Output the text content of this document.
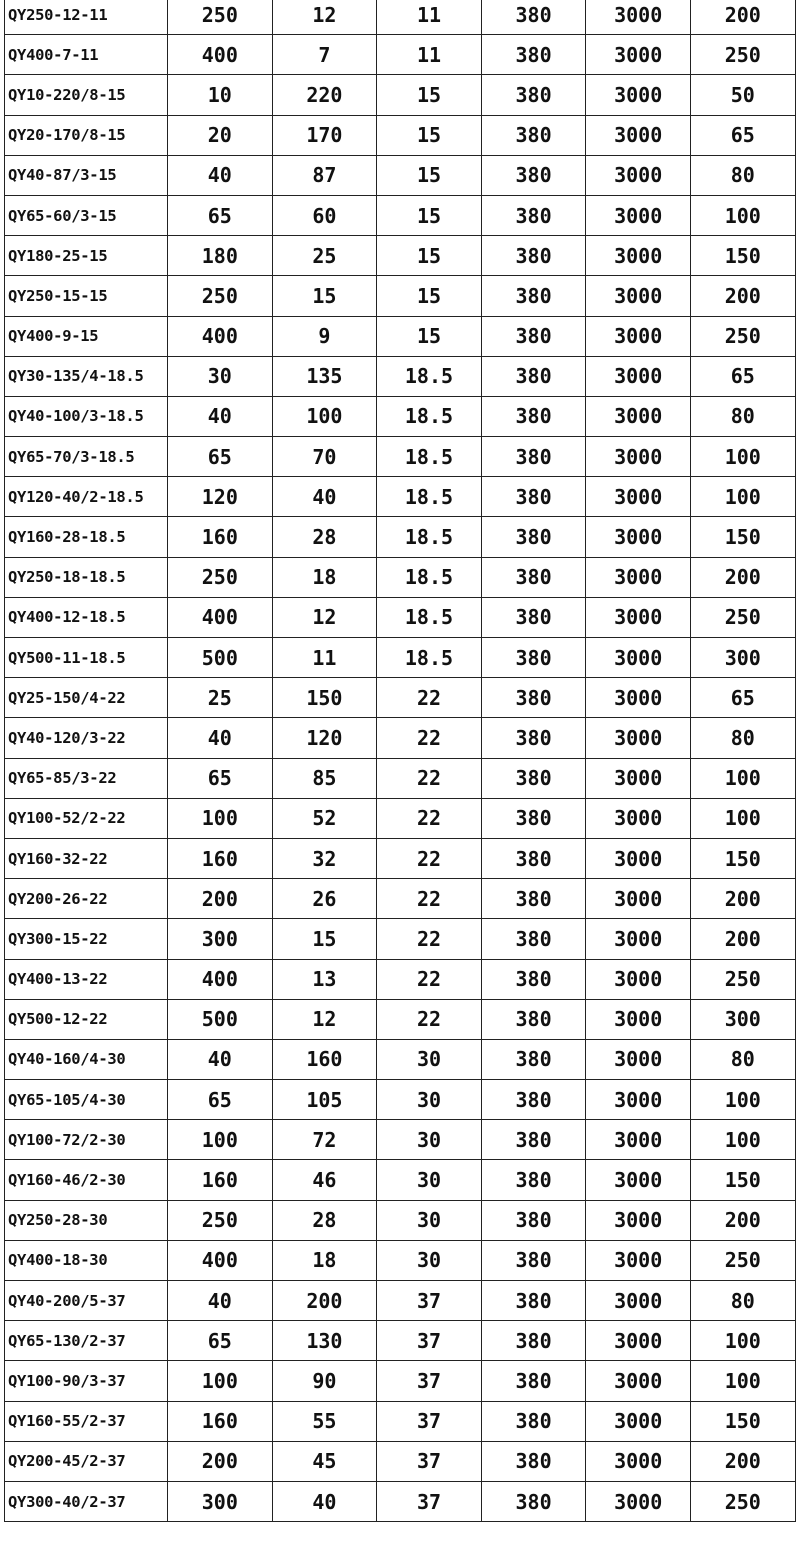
QY250-12-11	250	12	11	380	3000	200
QY400-7-11	400	7	11	380	3000	250
QY10-220/8-15	10	220	15	380	3000	50
QY20-170/8-15	20	170	15	380	3000	65
QY40-87/3-15	40	87	15	380	3000	80
QY65-60/3-15	65	60	15	380	3000	100
QY180-25-15	180	25	15	380	3000	150
QY250-15-15	250	15	15	380	3000	200
QY400-9-15	400	9	15	380	3000	250
QY30-135/4-18.5	30	135	18.5	380	3000	65
QY40-100/3-18.5	40	100	18.5	380	3000	80
QY65-70/3-18.5	65	70	18.5	380	3000	100
QY120-40/2-18.5	120	40	18.5	380	3000	100
QY160-28-18.5	160	28	18.5	380	3000	150
QY250-18-18.5	250	18	18.5	380	3000	200
QY400-12-18.5	400	12	18.5	380	3000	250
QY500-11-18.5	500	11	18.5	380	3000	300
QY25-150/4-22	25	150	22	380	3000	65
QY40-120/3-22	40	120	22	380	3000	80
QY65-85/3-22	65	85	22	380	3000	100
QY100-52/2-22	100	52	22	380	3000	100
QY160-32-22	160	32	22	380	3000	150
QY200-26-22	200	26	22	380	3000	200
QY300-15-22	300	15	22	380	3000	200
QY400-13-22	400	13	22	380	3000	250
QY500-12-22	500	12	22	380	3000	300
QY40-160/4-30	40	160	30	380	3000	80
QY65-105/4-30	65	105	30	380	3000	100
QY100-72/2-30	100	72	30	380	3000	100
QY160-46/2-30	160	46	30	380	3000	150
QY250-28-30	250	28	30	380	3000	200
QY400-18-30	400	18	30	380	3000	250
QY40-200/5-37	40	200	37	380	3000	80
QY65-130/2-37	65	130	37	380	3000	100
QY100-90/3-37	100	90	37	380	3000	100
QY160-55/2-37	160	55	37	380	3000	150
QY200-45/2-37	200	45	37	380	3000	200
QY300-40/2-37	300	40	37	380	3000	250
